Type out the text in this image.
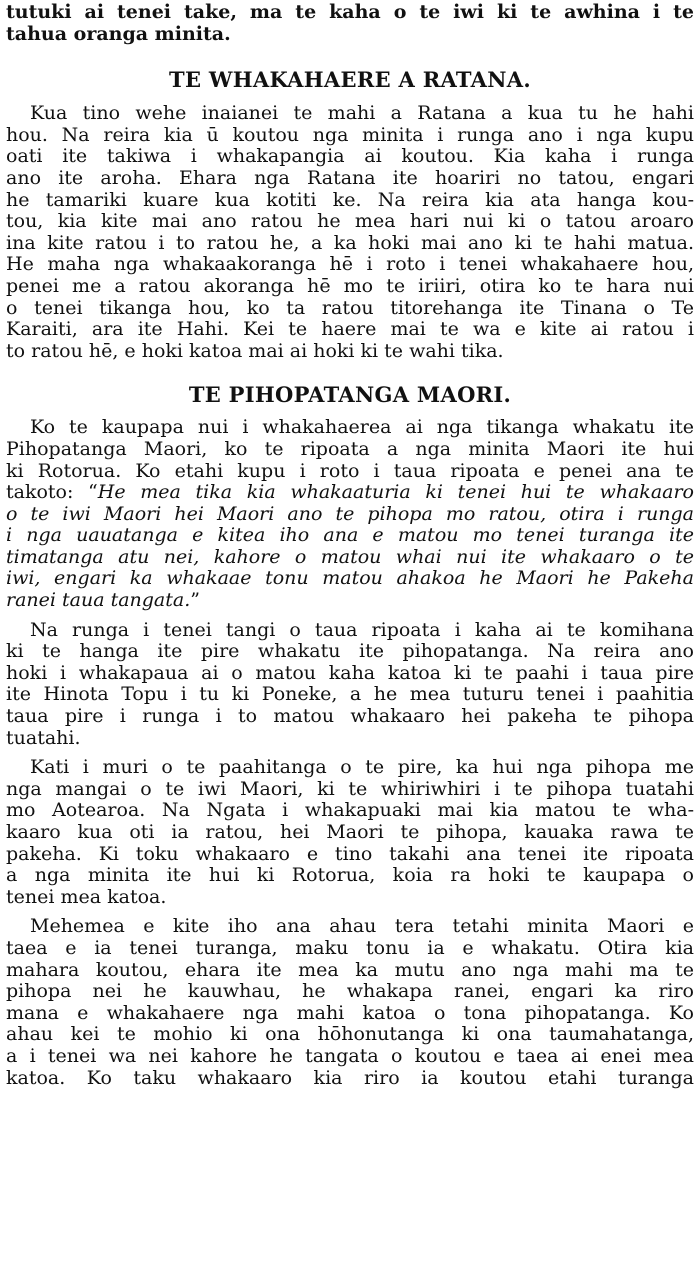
tutuki ai tenei take, ma te kaha o te iwi ki te awhina i te
tahua oranga minita.
TE WHAKAHAERE A RATANA.
Kua tino wehe inaianei te mahi a Ratana a kua tu he hahi
hou. Na reira kia ū koutou nga minita i runga ano i nga kupu
oati ite takiwa i whakapangia ai koutou. Kia kaha i runga
ano ite aroha. Ehara nga Ratana ite hoariri no tatou, engari
he tamariki kuare kua kotiti ke. Na reira kia ata hanga kou-
tou, kia kite mai ano ratou he mea hari nui ki o tatou aroaro
ina kite ratou i to ratou he, a ka hoki mai ano ki te hahi matua.
He maha nga whakaakoranga hē i roto i tenei whakahaere hou,
penei me a ratou akoranga hē mo te iriiri, otira ko te hara nui
o tenei tikanga hou, ko ta ratou titorehanga ite Tinana o Te
Karaiti, ara ite Hahi. Kei te haere mai te wa e kite ai ratou i
to ratou hē, e hoki katoa mai ai hoki ki te wahi tika.
TE PIHOPATANGA MAORI.
Ko te kaupapa nui i whakahaerea ai nga tikanga whakatu ite
Pihopatanga Maori, ko te ripoata a nga minita Maori ite hui
ki Rotorua. Ko etahi kupu i roto i taua ripoata e penei ana te
takoto: “He mea tika kia whakaaturia ki tenei hui te whakaaro
o te iwi Maori hei Maori ano te pihopa mo ratou, otira i runga
i nga uauatanga e kitea iho ana e matou mo tenei turanga ite
timatanga atu nei, kahore o matou whai nui ite whakaaro o te
iwi, engari ka whakaae tonu matou ahakoa he Maori he Pakeha
ranei taua tangata.”
Na runga i tenei tangi o taua ripoata i kaha ai te komihana
ki te hanga ite pire whakatu ite pihopatanga. Na reira ano
hoki i whakapaua ai o matou kaha katoa ki te paahi i taua pire
ite Hinota Topu i tu ki Poneke, a he mea tuturu tenei i paahitia
taua pire i runga i to matou whakaaro hei pakeha te pihopa
tuatahi.
Kati i muri o te paahitanga o te pire, ka hui nga pihopa me
nga mangai o te iwi Maori, ki te whiriwhiri i te pihopa tuatahi
mo Aotearoa. Na Ngata i whakapuaki mai kia matou te wha-
kaaro kua oti ia ratou, hei Maori te pihopa, kauaka rawa te
pakeha. Ki toku whakaaro e tino takahi ana tenei ite ripoata
a nga minita ite hui ki Rotorua, koia ra hoki te kaupapa o
tenei mea katoa.
Mehemea e kite iho ana ahau tera tetahi minita Maori e
taea e ia tenei turanga, maku tonu ia e whakatu. Otira kia
mahara koutou, ehara ite mea ka mutu ano nga mahi ma te
pihopa nei he kauwhau, he whakapa ranei, engari ka riro
mana e whakahaere nga mahi katoa o tona pihopatanga. Ko
ahau kei te mohio ki ona hōhonutanga ki ona taumahatanga,
a i tenei wa nei kahore he tangata o koutou e taea ai enei mea
katoa. Ko taku whakaaro kia riro ia koutou etahi turanga
